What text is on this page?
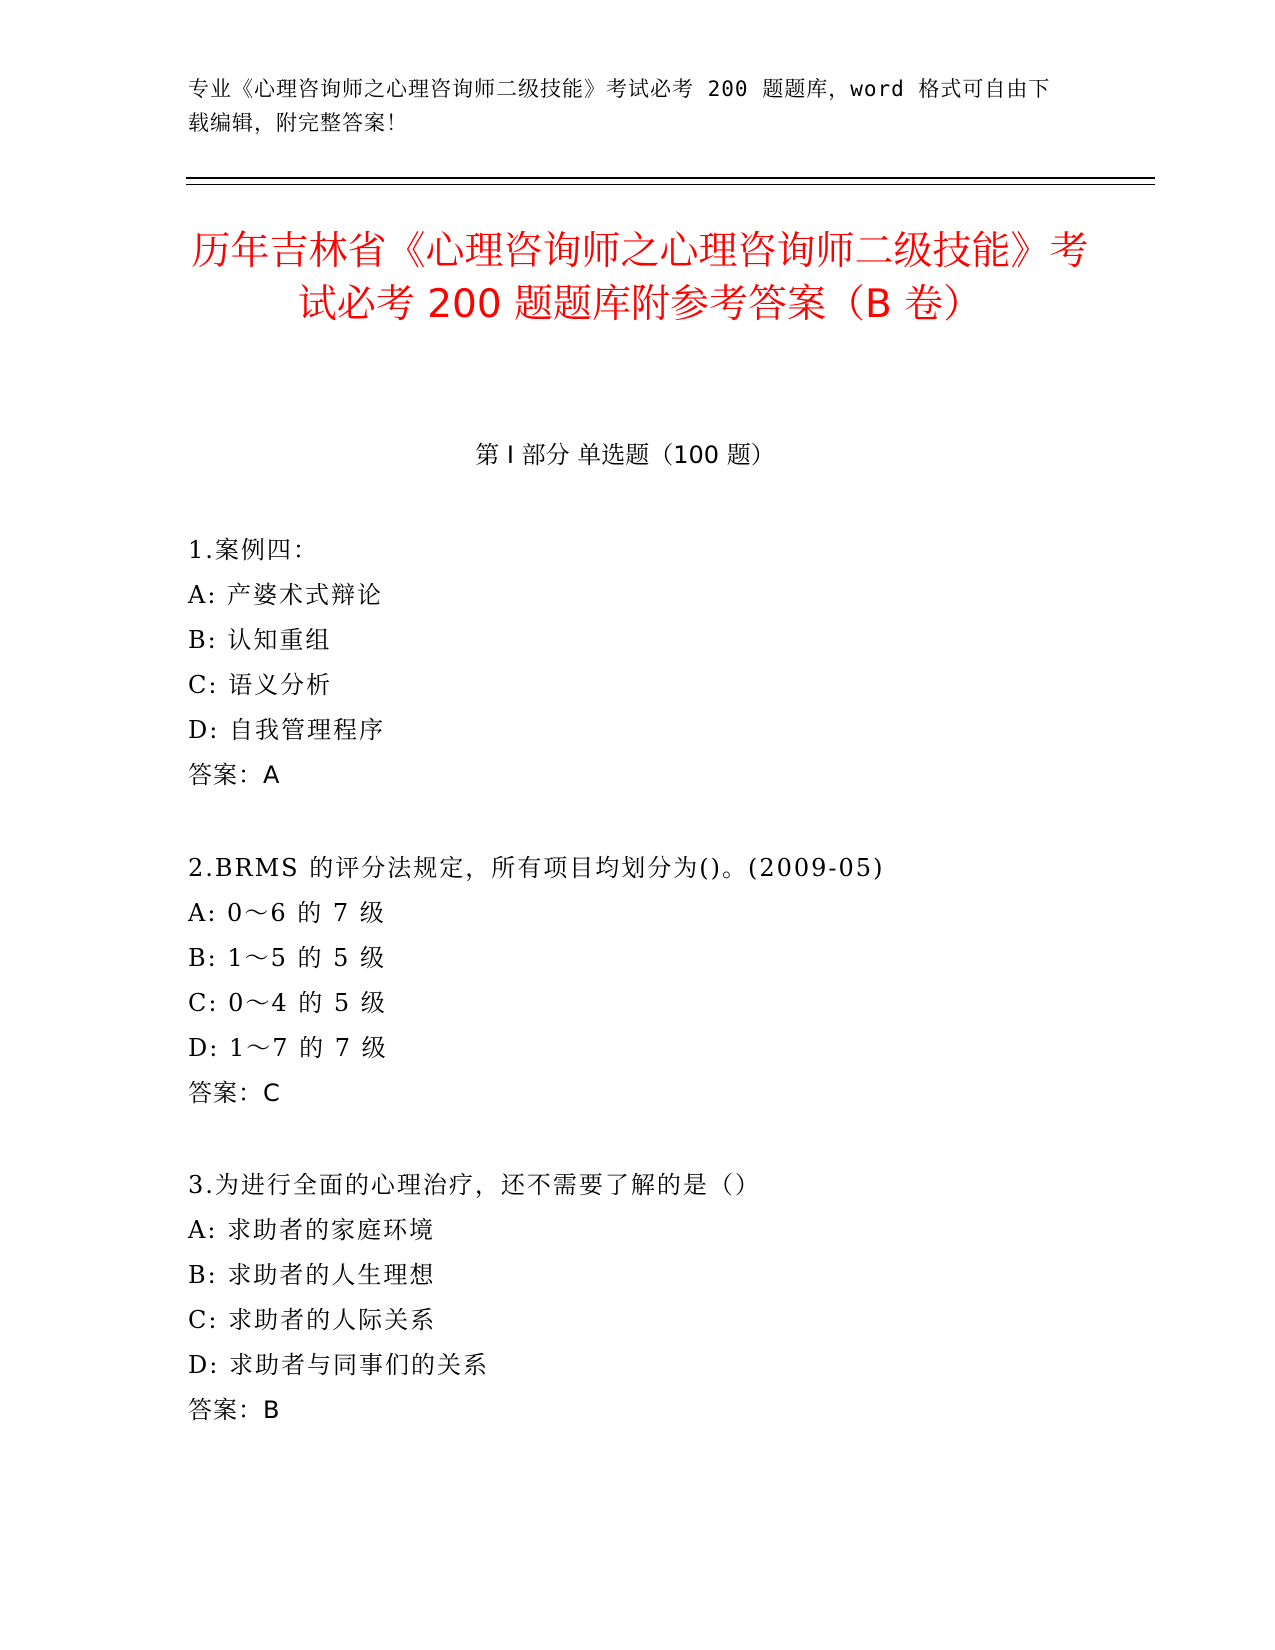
专业《心理咨询师之心理咨询师二级技能》考试必考 200 题题库，word 格式可自由下载编辑，附完整答案！
历年吉林省《心理咨询师之心理咨询师二级技能》考试必考 200 题题库附参考答案（B 卷）
第 I 部分 单选题（100 题）
1.案例四：
A: 产婆术式辩论
B: 认知重组
C: 语义分析
D: 自我管理程序
答案：A
2.BRMS 的评分法规定，所有项目均划分为()。(2009-05)
A: 0～6 的 7 级
B: 1～5 的 5 级
C: 0～4 的 5 级
D: 1～7 的 7 级
答案：C
3.为进行全面的心理治疗，还不需要了解的是（）
A: 求助者的家庭环境
B: 求助者的人生理想
C: 求助者的人际关系
D: 求助者与同事们的关系
答案：B
